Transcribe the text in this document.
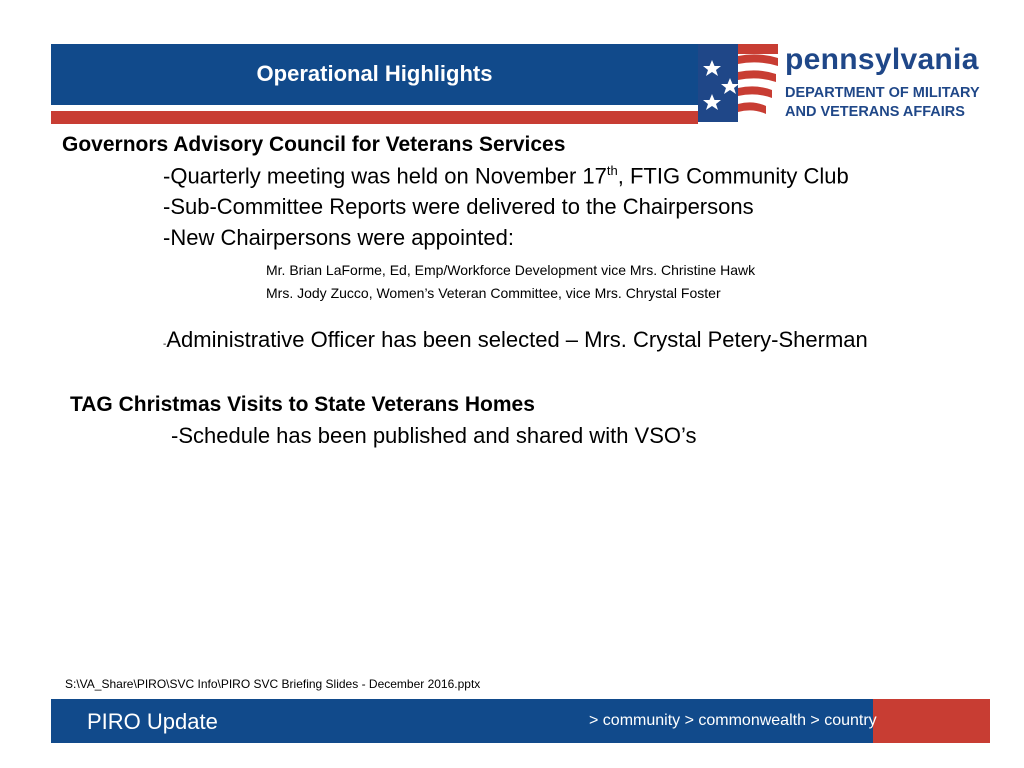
Operational Highlights	pennsylvania
DEPARTMENT OF MILITARY
AND VETERANS AFFAIRS
Governors Advisory Council for Veterans Services
-Quarterly meeting was held on November 17th, FTIG Community Club
-Sub-Committee Reports were delivered to the Chairpersons
-New Chairpersons were appointed:
Mr. Brian LaForme, Ed, Emp/Workforce Development vice Mrs. Christine Hawk
Mrs. Jody Zucco, Women’s Veteran Committee, vice Mrs. Chrystal Foster
-Administrative Officer has been selected – Mrs. Crystal Petery-Sherman
TAG Christmas Visits to State Veterans Homes
-Schedule has been published and shared with VSO’s
S:\VA_Share\PIRO\SVC Info\PIRO SVC Briefing Slides - December 2016.pptx
PIRO Update	> community > commonwealth > country
